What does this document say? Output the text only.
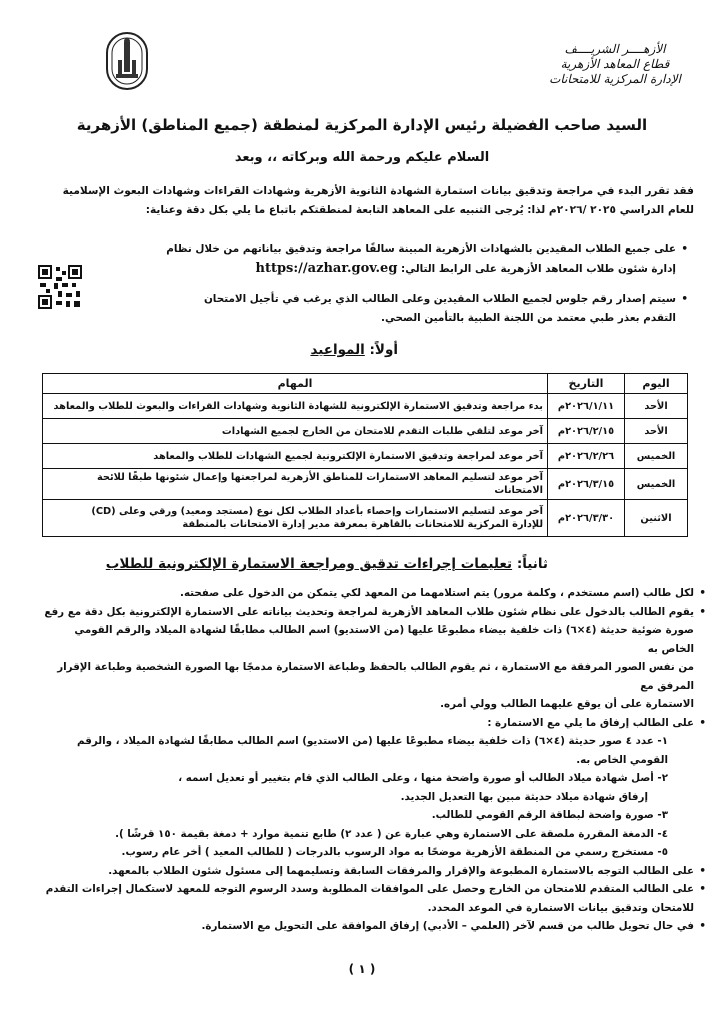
الأزهــــر الشريــــف
قطاع المعاهد الأزهرية
الإدارة المركزية للامتحانات
السيد صاحب الفضيلة رئيس الإدارة المركزية لمنطقة (جميع المناطق) الأزهرية
السلام عليكم ورحمة الله وبركاته ،، وبعد
فقد تقرر البدء في مراجعة وتدقيق بيانات استمارة الشهادة الثانوية الأزهرية وشهادات القراءات وشهادات البعوث الإسلامية
للعام الدراسي ٢٠٢٥ /٢٠٢٦م لذا: يُرجى التنبيه على المعاهد التابعة لمنطقتكم باتباع ما يلي بكل دقة وعناية:
•
على جميع الطلاب المقيدين بالشهادات الأزهرية المبينة سالفًا مراجعة وتدقيق بياناتهم من خلال نظام
إدارة شئون طلاب المعاهد الأزهرية على الرابط التالي: https://azhar.gov.eg
•
سيتم إصدار رقم جلوس لجميع الطلاب المقيدين وعلى الطالب الذي يرغب في تأجيل الامتحان
التقدم بعذر طبي معتمد من اللجنة الطبية بالتأمين الصحي.
أولاً: المواعيد
اليوم	التاريخ	المهام
الأحد	٢٠٢٦/١/١١م	بدء مراجعة وتدقيق الاستمارة الإلكترونية للشهادة الثانوية وشهادات القراءات والبعوث للطلاب والمعاهد
الأحد	٢٠٢٦/٢/١٥م	آخر موعد لتلقي طلبات التقدم للامتحان من الخارج لجميع الشهادات
الخميس	٢٠٢٦/٢/٢٦م	آخر موعد لمراجعة وتدقيق الاستمارة الإلكترونية لجميع الشهادات للطلاب والمعاهد
الخميس	٢٠٢٦/٣/١٥م	آخر موعد لتسليم المعاهد الاستمارات للمناطق الأزهرية لمراجعتها وإعمال شئونها طبقًا للائحة الامتحانات
الاثنين	٢٠٢٦/٣/٣٠م	آخر موعد لتسليم الاستمارات وإحصاء بأعداد الطلاب لكل نوع (مستجد ومعيد) ورقي وعلى (CD)
للإدارة المركزية للامتحانات بالقاهرة بمعرفة مدير إدارة الامتحانات بالمنطقة
ثانياً: تعليمات إجراءات تدقيق ومراجعة الاستمارة الإلكترونية للطلاب
• لكل طالب (اسم مستخدم ، وكلمة مرور) يتم استلامهما من المعهد لكي يتمكن من الدخول على صفحته.
• يقوم الطالب بالدخول على نظام شئون طلاب المعاهد الأزهرية لمراجعة وتحديث بياناته على الاستمارة الإلكترونية بكل دقة مع رفع
صورة ضوئية حديثة (٤×٦) ذات خلفية بيضاء مطبوعًا عليها (من الاستديو) اسم الطالب مطابقًا لشهادة الميلاد والرقم القومي الخاص به
من نفس الصور المرفقة مع الاستمارة ، ثم يقوم الطالب بالحفظ وطباعة الاستمارة مدمجًا بها الصورة الشخصية وطباعة الإقرار المرفق مع
الاستمارة على أن يوقع عليهما الطالب وولي أمره.
• على الطالب إرفاق ما يلي مع الاستمارة :
١- عدد ٤ صور حديثة (٤×٦) ذات خلفية بيضاء مطبوعًا عليها (من الاستديو) اسم الطالب مطابقًا لشهادة الميلاد ، والرقم القومي الخاص به.
٢- أصل شهادة ميلاد الطالب أو صورة واضحة منها ، وعلى الطالب الذي قام بتغيير أو تعديل اسمه ،
إرفاق شهادة ميلاد حديثة مبين بها التعديل الجديد.
٣- صورة واضحة لبطاقة الرقم القومي للطالب.
٤- الدمغة المقررة ملصقة على الاستمارة وهي عبارة عن ( عدد ٢) طابع تنمية موارد + دمغة بقيمة ١٥٠ قرشًا ).
٥- مستخرج رسمي من المنطقة الأزهرية موضحًا به مواد الرسوب بالدرجات ( للطالب المعيد ) أخر عام رسوب.
• على الطالب التوجه بالاستمارة المطبوعة والإقرار والمرفقات السابقة وتسليمهما إلى مسئول شئون الطلاب بالمعهد.
• على الطالب المتقدم للامتحان من الخارج وحصل على الموافقات المطلوبة وسدد الرسوم التوجه للمعهد لاستكمال إجراءات التقدم
للامتحان وتدقيق بيانات الاستمارة في الموعد المحدد.
• في حال تحويل طالب من قسم لآخر (العلمي – الأدبي) إرفاق الموافقة على التحويل مع الاستمارة.
( ١ )
